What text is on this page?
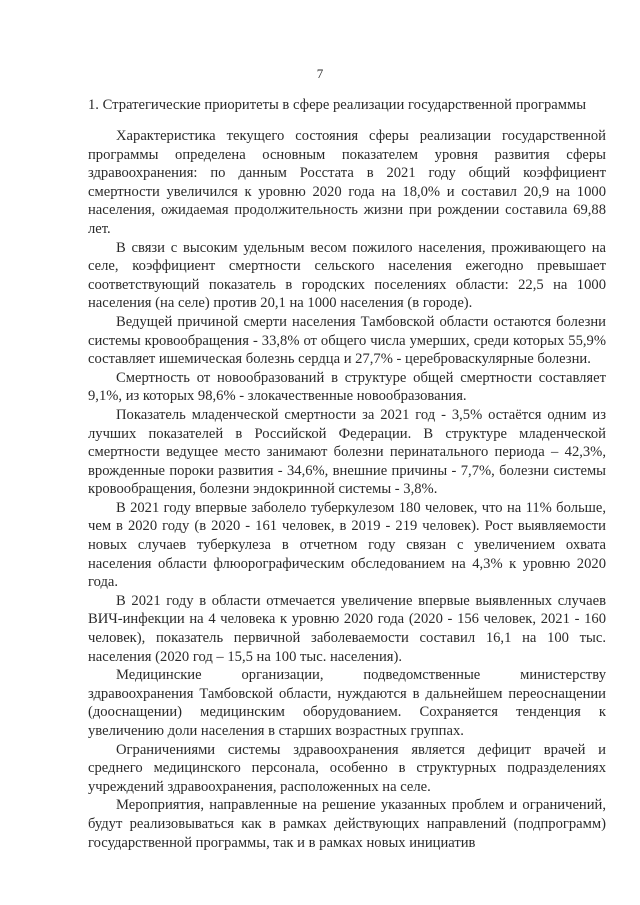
7
1. Стратегические приоритеты в сфере реализации государственной программы

Характеристика текущего состояния сферы реализации государственной программы определена основным показателем уровня развития сферы здравоохранения: по данным Росстата в 2021 году общий коэффициент смертности увеличился к уровню 2020 года на 18,0% и составил 20,9 на 1000 населения, ожидаемая продолжительность жизни при рождении составила 69,88 лет.

В связи с высоким удельным весом пожилого населения, проживающего на селе, коэффициент смертности сельского населения ежегодно превышает соответствующий показатель в городских поселениях области: 22,5 на 1000 населения (на селе) против 20,1 на 1000 населения (в городе).

Ведущей причиной смерти населения Тамбовской области остаются болезни системы кровообращения - 33,8% от общего числа умерших, среди которых 55,9% составляет ишемическая болезнь сердца и 27,7% - цереброваскулярные болезни.

Смертность от новообразований в структуре общей смертности составляет 9,1%, из которых 98,6% - злокачественные новообразования.

Показатель младенческой смертности за 2021 год - 3,5% остаётся одним из лучших показателей в Российской Федерации. В структуре младенческой смертности ведущее место занимают болезни перинатального периода – 42,3%, врожденные пороки развития - 34,6%, внешние причины - 7,7%, болезни системы кровообращения, болезни эндокринной системы - 3,8%.

В 2021 году впервые заболело туберкулезом 180 человек, что на 11% больше, чем в 2020 году (в 2020 - 161 человек, в 2019 - 219 человек). Рост выявляемости новых случаев туберкулеза в отчетном году связан с увеличением охвата населения области флюорографическим обследованием на 4,3% к уровню 2020 года.

В 2021 году в области отмечается увеличение впервые выявленных случаев ВИЧ-инфекции на 4 человека к уровню 2020 года (2020 - 156 человек, 2021 - 160 человек), показатель первичной заболеваемости составил 16,1 на 100 тыс. населения (2020 год – 15,5 на 100 тыс. населения).

Медицинские организации, подведомственные министерству здравоохранения Тамбовской области, нуждаются в дальнейшем переоснащении (дооснащении) медицинским оборудованием. Сохраняется тенденция к увеличению доли населения в старших возрастных группах.

Ограничениями системы здравоохранения является дефицит врачей и среднего медицинского персонала, особенно в структурных подразделениях учреждений здравоохранения, расположенных на селе.

Мероприятия, направленные на решение указанных проблем и ограничений, будут реализовываться как в рамках действующих направлений (подпрограмм) государственной программы, так и в рамках новых инициатив
